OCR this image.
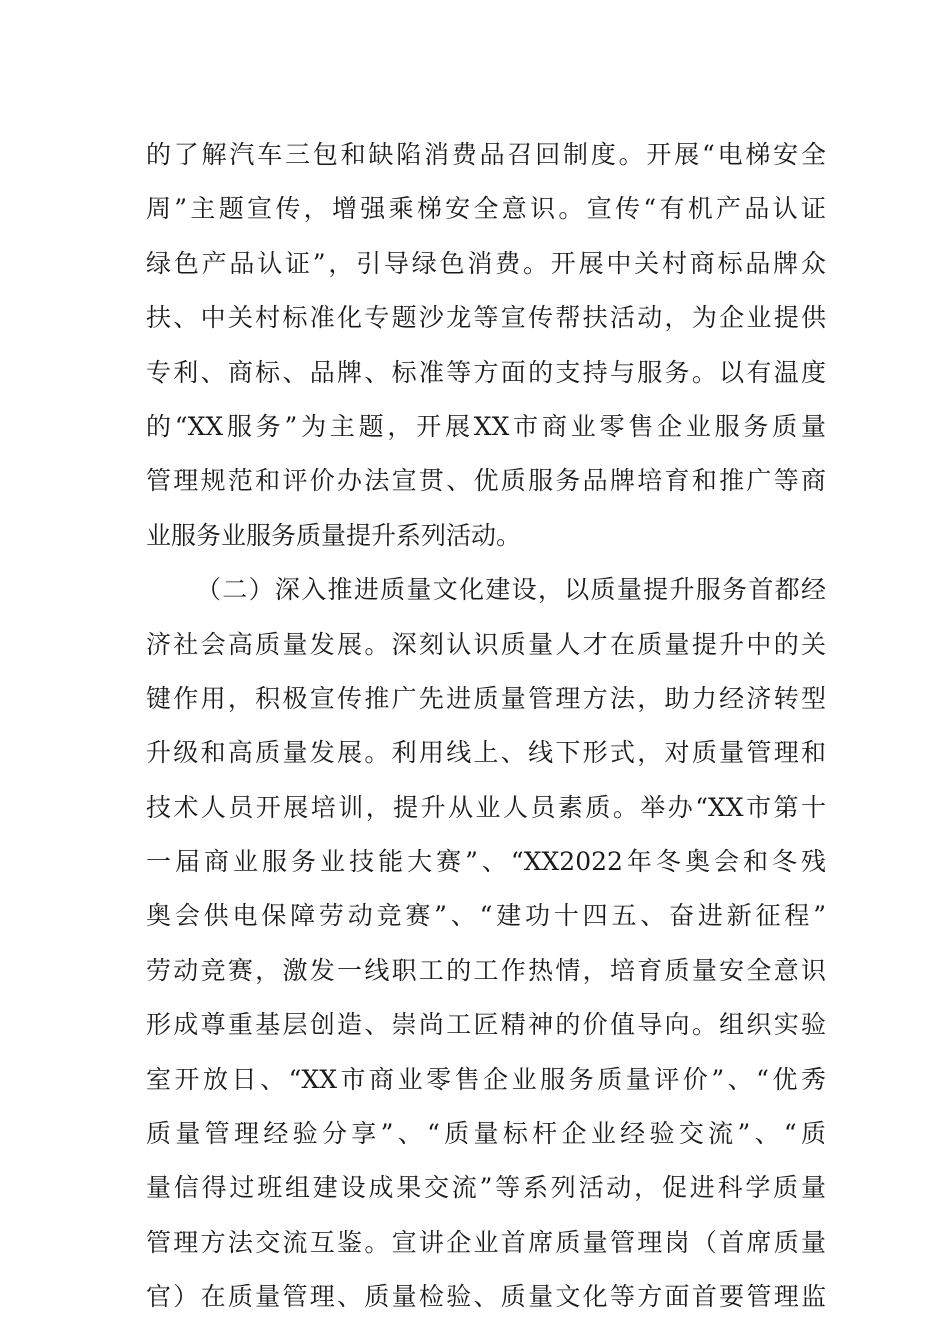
的了解汽车三包和缺陷消费品召回制度。开展“电梯安全
周”主题宣传，增强乘梯安全意识。宣传“有机产品认证
绿色产品认证”，引导绿色消费。开展中关村商标品牌众
扶、中关村标准化专题沙龙等宣传帮扶活动，为企业提供
专利、商标、品牌、标准等方面的支持与服务。以有温度
的“XX服务”为主题，开展XX市商业零售企业服务质量
管理规范和评价办法宣贯、优质服务品牌培育和推广等商
业服务业服务质量提升系列活动。
（二）深入推进质量文化建设，以质量提升服务首都经
济社会高质量发展。深刻认识质量人才在质量提升中的关
键作用，积极宣传推广先进质量管理方法，助力经济转型
升级和高质量发展。利用线上、线下形式，对质量管理和
技术人员开展培训，提升从业人员素质。举办“XX市第十
一届商业服务业技能大赛”、“XX2022年冬奥会和冬残
奥会供电保障劳动竞赛”、“建功十四五、奋进新征程”
劳动竞赛，激发一线职工的工作热情，培育质量安全意识
形成尊重基层创造、崇尚工匠精神的价值导向。组织实验
室开放日、“XX市商业零售企业服务质量评价”、“优秀
质量管理经验分享”、“质量标杆企业经验交流”、“质
量信得过班组建设成果交流”等系列活动，促进科学质量
管理方法交流互鉴。宣讲企业首席质量管理岗（首席质量
官）在质量管理、质量检验、质量文化等方面首要管理监
